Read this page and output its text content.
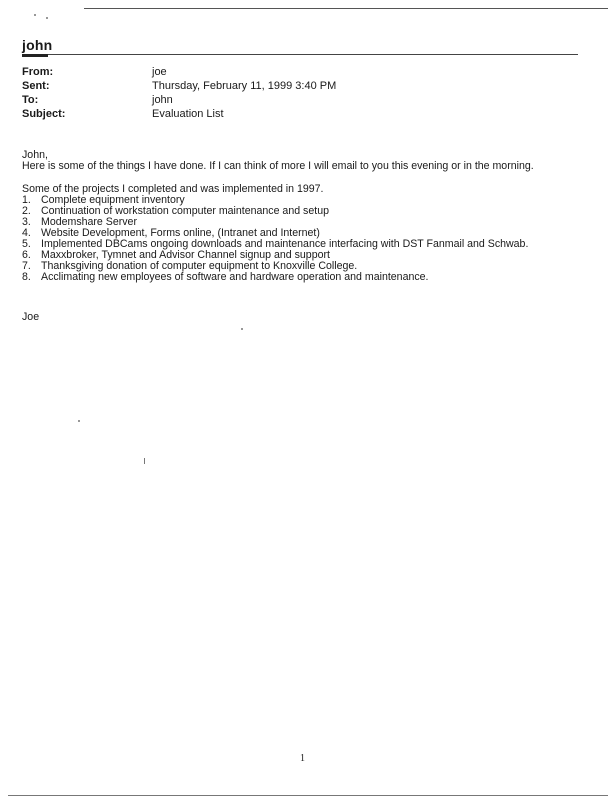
john
From:	joe
Sent:	Thursday, February 11, 1999 3:40 PM
To:	john
Subject:	Evaluation List
John,
Here is some of the things I have done. If I can think of more I will email to you this evening or in the morning.
Some of the projects I completed and was implemented in 1997.
1. Complete equipment inventory
2. Continuation of workstation computer maintenance and setup
3. Modemshare Server
4. Website Development, Forms online, (Intranet and Internet)
5. Implemented DBCams ongoing downloads and maintenance interfacing with DST Fanmail and Schwab.
6. Maxxbroker, Tymnet and Advisor Channel signup and support
7. Thanksgiving donation of computer equipment to Knoxville College.
8. Acclimating new employees of software and hardware operation and maintenance.
Joe
1
